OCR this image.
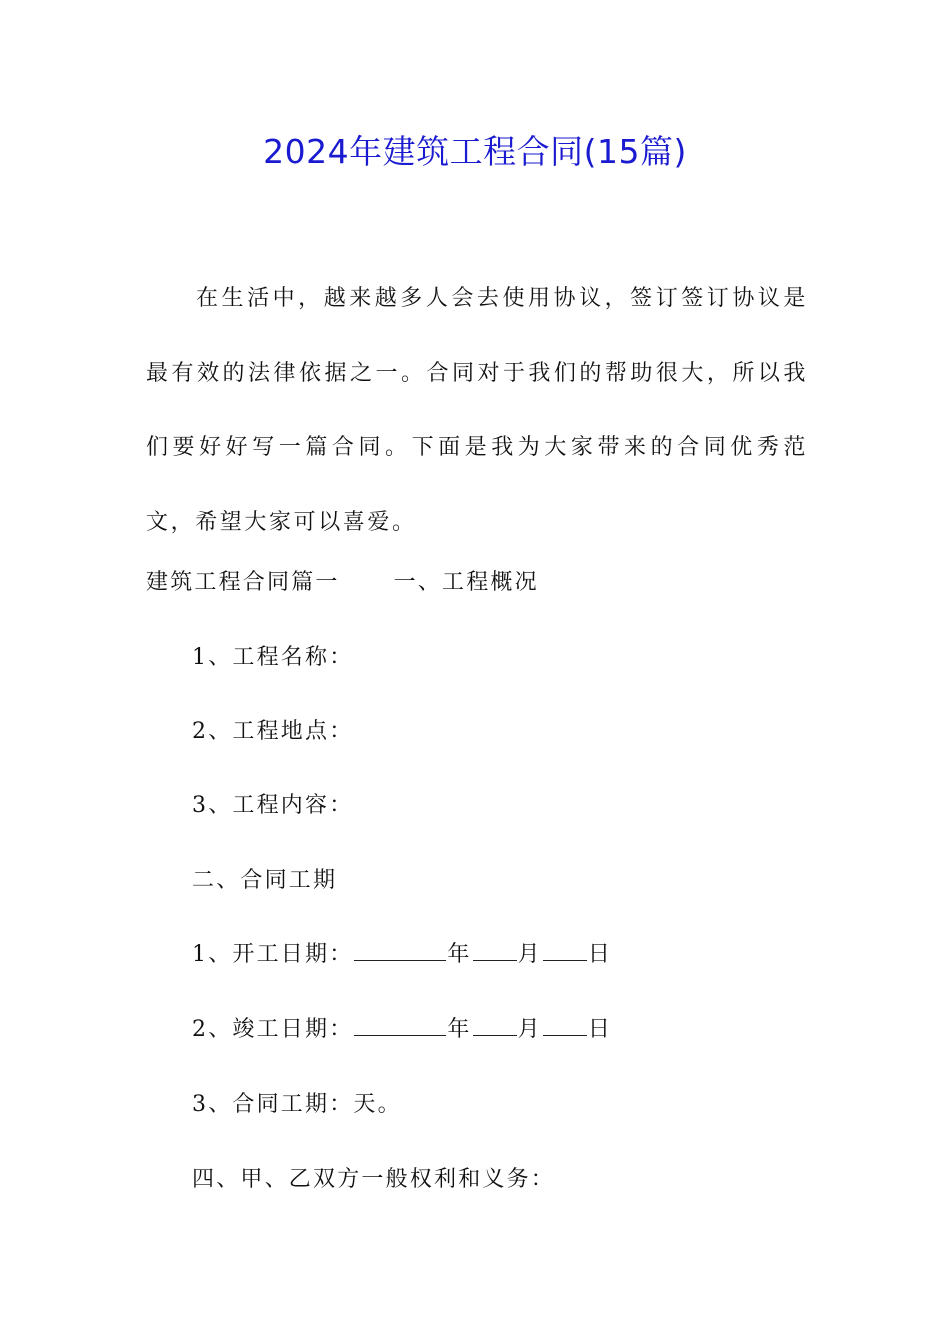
2024年建筑工程合同(15篇)

在生活中，越来越多人会去使用协议，签订签订协议是最有效的法律依据之一。合同对于我们的帮助很大，所以我们要好好写一篇合同。下面是我为大家带来的合同优秀范文，希望大家可以喜爱。

建筑工程合同篇一 一、工程概况
1、工程名称：
2、工程地点：
3、工程内容：
二、合同工期
1、开工日期：	年 月 日
2、竣工日期：	年 月 日
3、合同工期：天。
四、甲、乙双方一般权利和义务：
